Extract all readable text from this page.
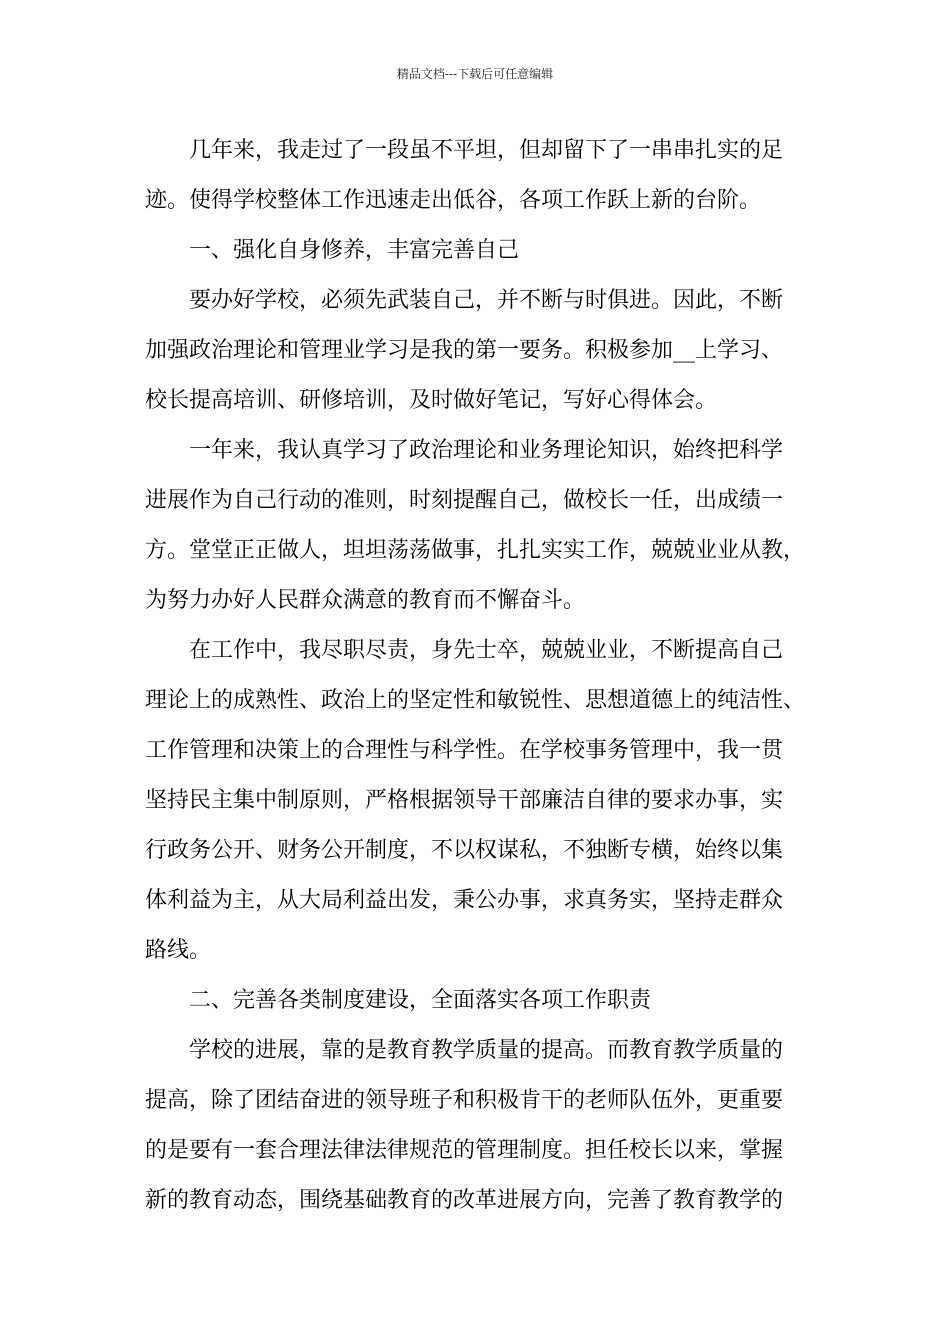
精品文档---下载后可任意编辑
几年来，我走过了一段虽不平坦，但却留下了一串串扎实的足
迹。使得学校整体工作迅速走出低谷，各项工作跃上新的台阶。
一、强化自身修养，丰富完善自己
要办好学校，必须先武装自己，并不断与时俱进。因此，不断
加强政治理论和管理业学习是我的第一要务。积极参加__上学习、
校长提高培训、研修培训，及时做好笔记，写好心得体会。
一年来，我认真学习了政治理论和业务理论知识，始终把科学
进展作为自己行动的准则，时刻提醒自己，做校长一任，出成绩一
方。堂堂正正做人，坦坦荡荡做事，扎扎实实工作，兢兢业业从教，
为努力办好人民群众满意的教育而不懈奋斗。
在工作中，我尽职尽责，身先士卒，兢兢业业，不断提高自己
理论上的成熟性、政治上的坚定性和敏锐性、思想道德上的纯洁性、
工作管理和决策上的合理性与科学性。在学校事务管理中，我一贯
坚持民主集中制原则，严格根据领导干部廉洁自律的要求办事，实
行政务公开、财务公开制度，不以权谋私，不独断专横，始终以集
体利益为主，从大局利益出发，秉公办事，求真务实，坚持走群众
路线。
二、完善各类制度建设，全面落实各项工作职责
学校的进展，靠的是教育教学质量的提高。而教育教学质量的
提高，除了团结奋进的领导班子和积极肯干的老师队伍外，更重要
的是要有一套合理法律法律规范的管理制度。担任校长以来，掌握
新的教育动态，围绕基础教育的改革进展方向，完善了教育教学的
